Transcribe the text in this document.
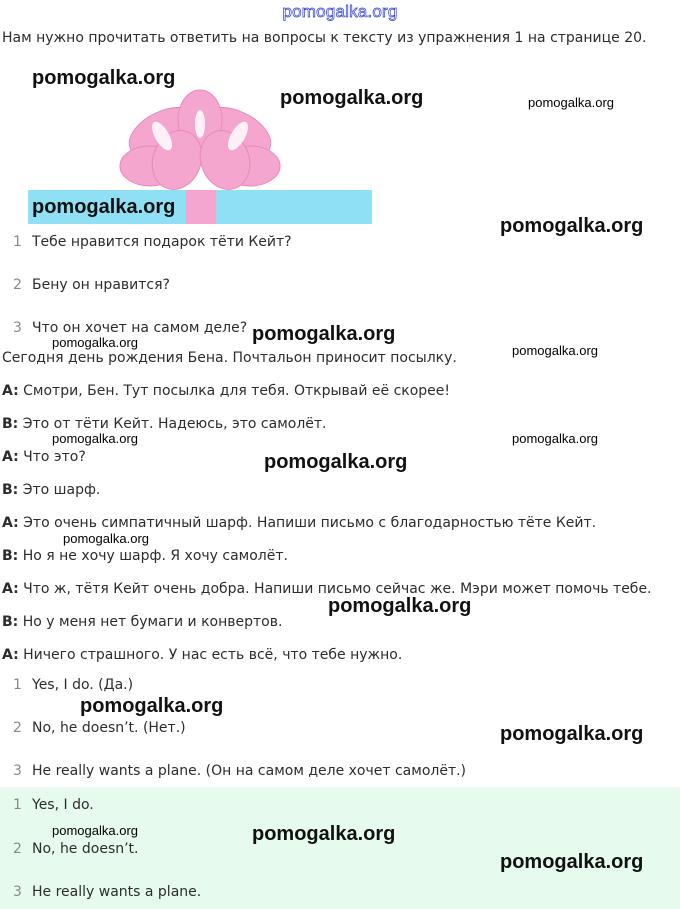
pomogalka.org
Нам нужно прочитать ответить на вопросы к тексту из упражнения 1 на странице 20.
pomogalka.org
pomogalka.org	pomogalka.org
pomogalka.org
pomogalka.org
pomogalka.org
pomogalka.org
pomogalka.org
pomogalka.org	pomogalka.org
pomogalka.org
pomogalka.org
pomogalka.org
pomogalka.org
pomogalka.org
1 Тебе нравится подарок тёти Кейт?
2 Бену он нравится?
3 Что он хочет на самом деле?
Сегодня день рождения Бена. Почтальон приносит посылку.
A: Смотри, Бен. Тут посылка для тебя. Открывай её скорее!
B: Это от тёти Кейт. Надеюсь, это самолёт.
A: Что это?
B: Это шарф.
A: Это очень симпатичный шарф. Напиши письмо с благодарностью тёте Кейт.
B: Но я не хочу шарф. Я хочу самолёт.
A: Что ж, тётя Кейт очень добра. Напиши письмо сейчас же. Мэри может помочь тебе.
B: Но у меня нет бумаги и конвертов.
A: Ничего страшного. У нас есть всё, что тебе нужно.
1 Yes, I do. (Да.)
2 No, he doesn’t. (Нет.)
3 He really wants a plane. (Он на самом деле хочет самолёт.)
1 Yes, I do.
2 No, he doesn’t.
3 He really wants a plane.
pomogalka.org	pomogalka.org
pomogalka.org
